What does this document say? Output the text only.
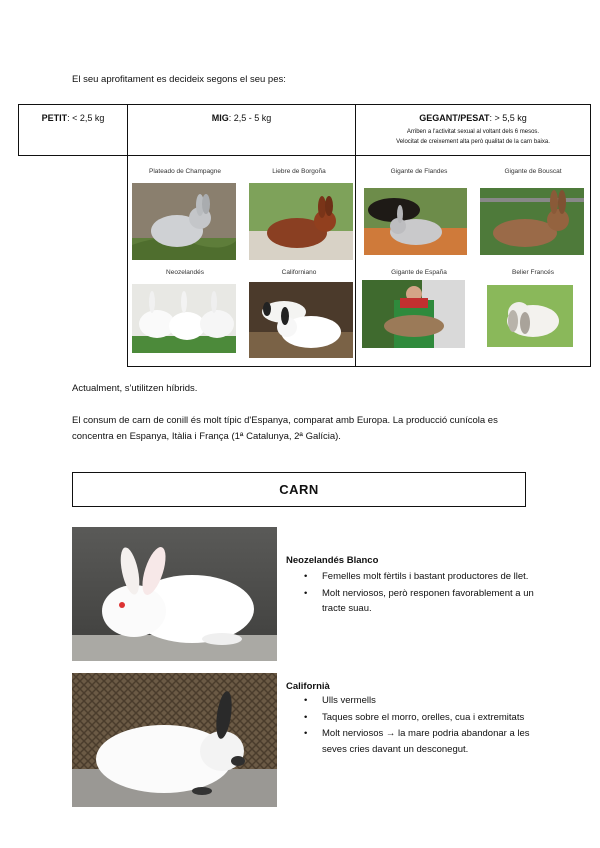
El seu aprofitament es decideix segons el seu pes:
PETIT: < 2,5 kg	MIG: 2,5 - 5 kg	GEGANT/PESAT: > 5,5 kg
Arriben a l'activitat sexual al voltant dels 6 mesos.
Velocitat de creixement alta però qualitat de la carn baixa.
Plateado de Champagne	Liebre de Borgoña
Neozelandés	Californiano
Gigante de Flandes	Gigante de Bouscat
Gigante de España	Belier Francés
Actualment, s'utilitzen híbrids.
El consum de carn de conill és molt típic d'Espanya, comparat amb Europa. La producció cunícola es concentra en Espanya, Itàlia i França (1ª Catalunya, 2ª Galícia).
CARN
Neozelandés Blanco
• Femelles molt fèrtils i bastant productores de llet.
• Molt nerviosos, però responen favorablement a un tracte suau.
Californià
• Ulls vermells
• Taques sobre el morro, orelles, cua i extremitats
• Molt nerviosos → la mare podria abandonar a les seves cries davant un desconegut.
